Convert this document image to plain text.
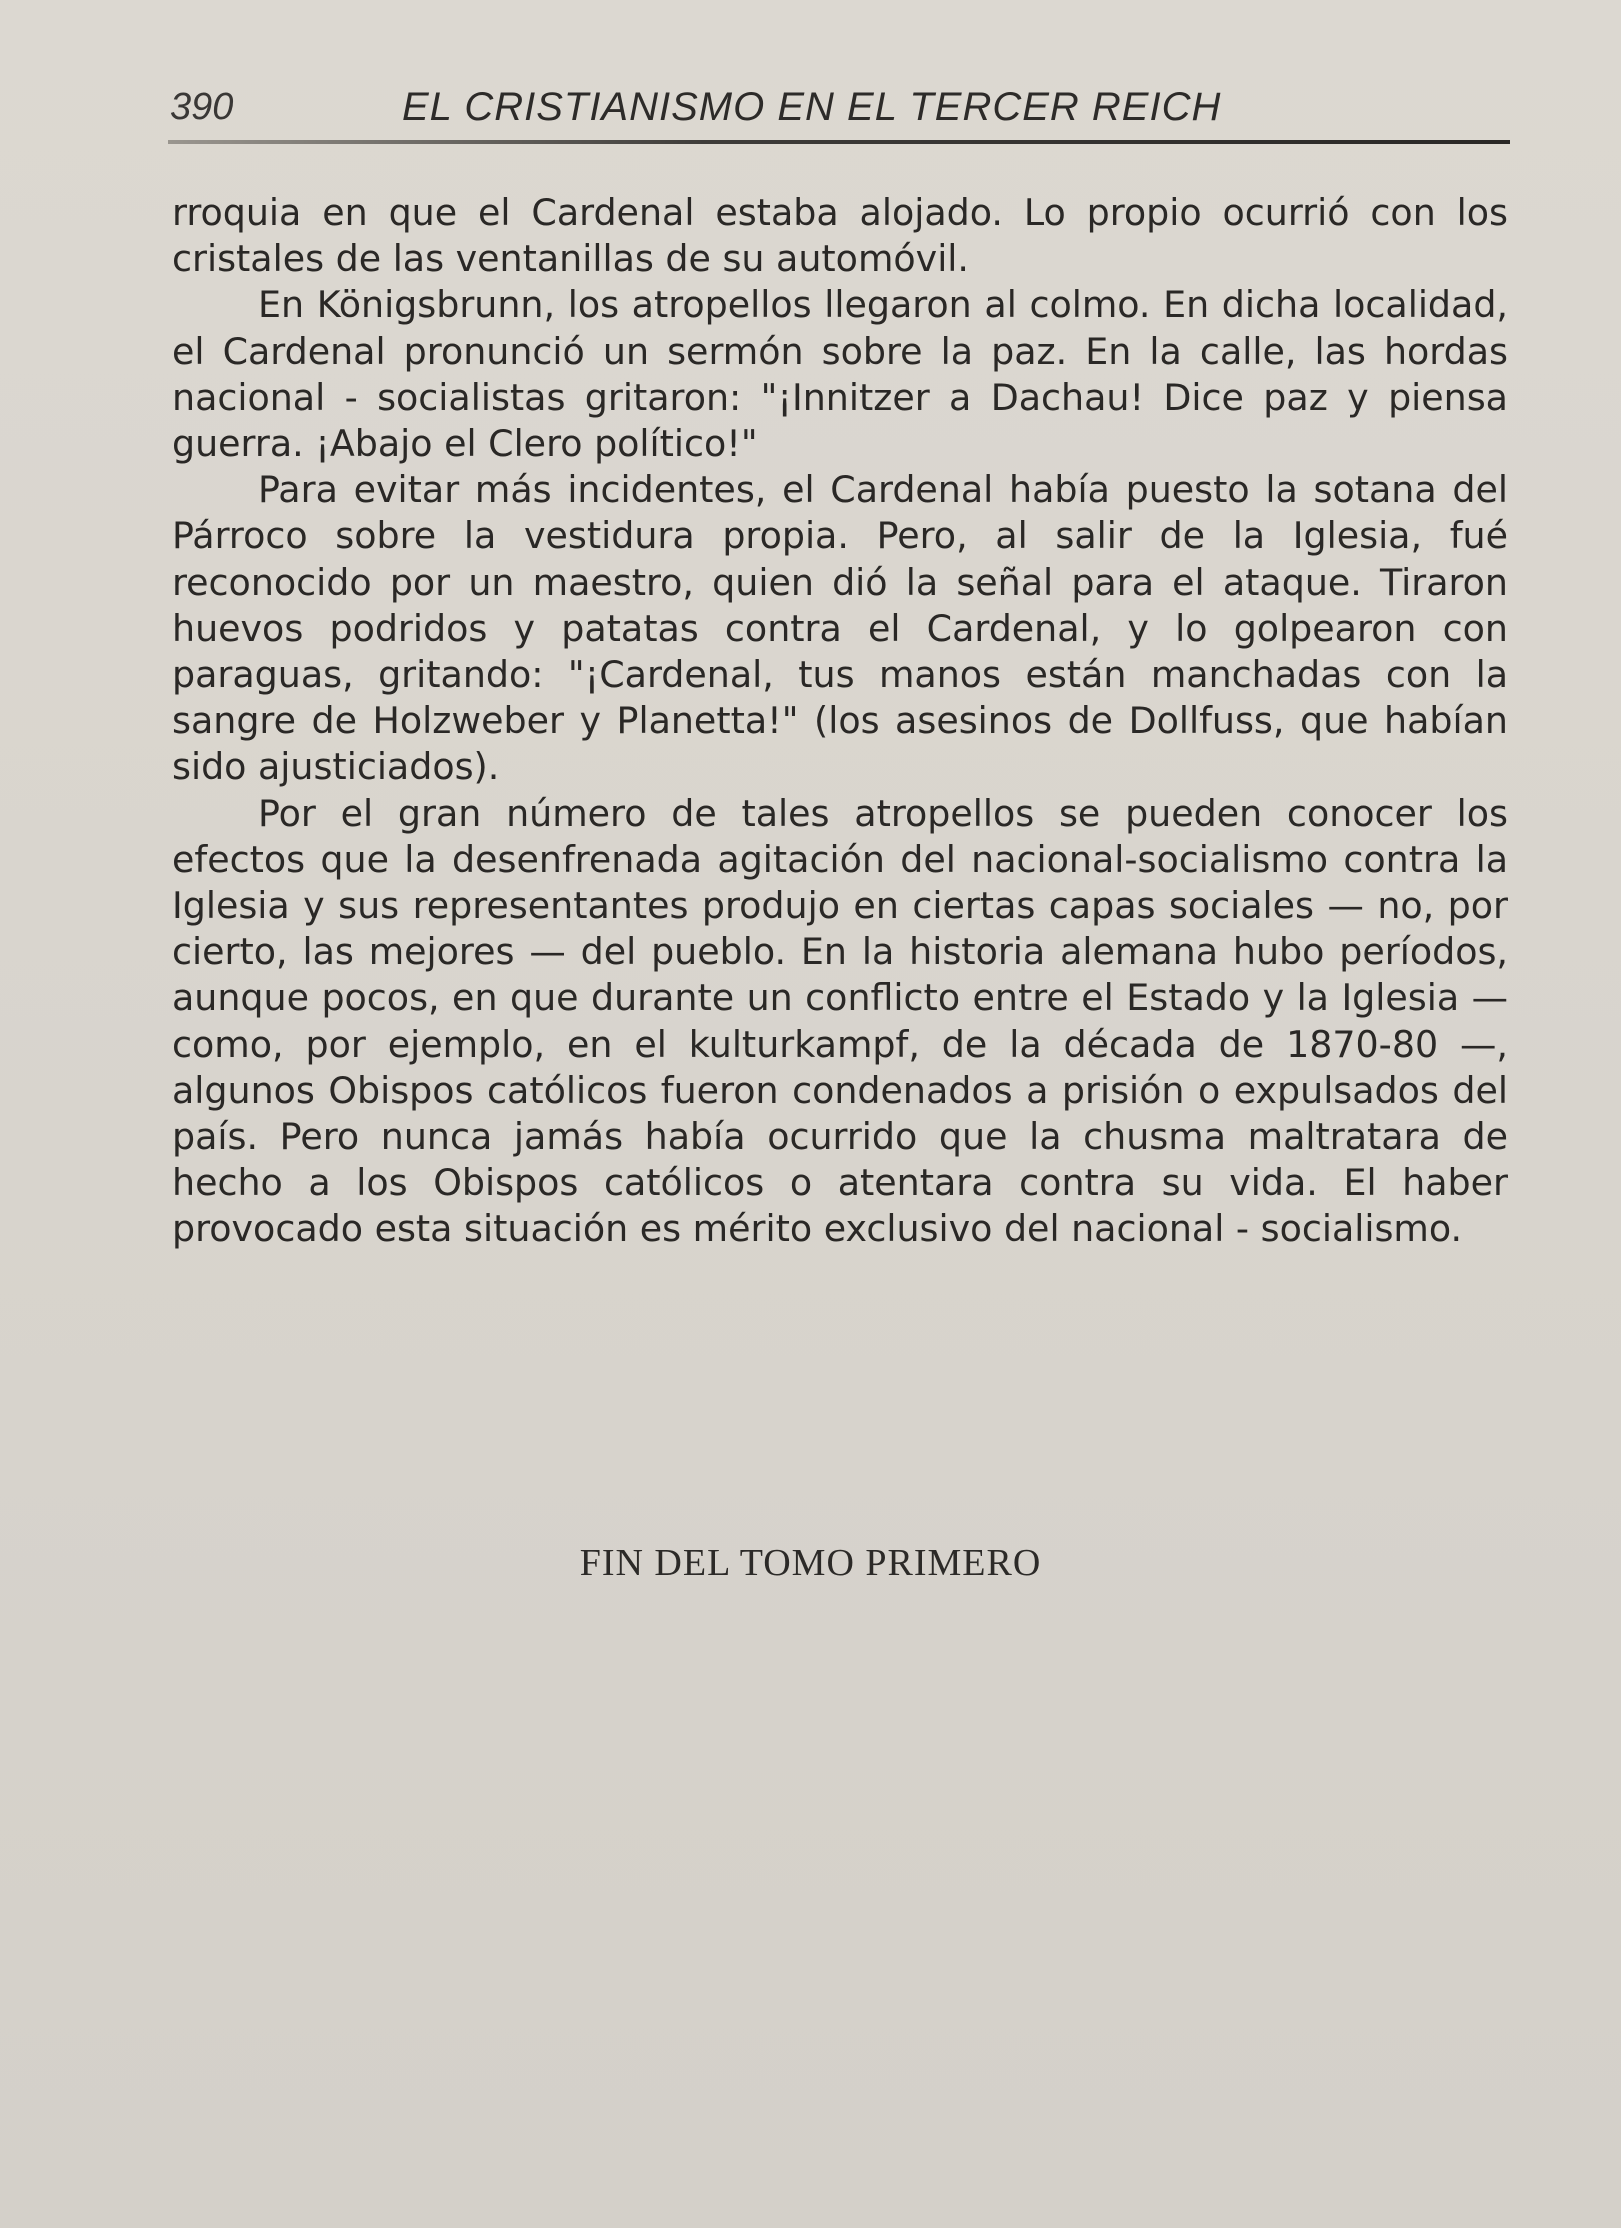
390	EL CRISTIANISMO EN EL TERCER REICH

rroquia en que el Cardenal estaba alojado. Lo propio ocurrió con los cristales de las ventanillas de su automóvil.

En Königsbrunn, los atropellos llegaron al colmo. En dicha localidad, el Cardenal pronunció un sermón sobre la paz. En la calle, las hordas nacional - socialistas gritaron: "¡Innitzer a Dachau! Dice paz y piensa guerra. ¡Abajo el Clero político!"

Para evitar más incidentes, el Cardenal había puesto la sotana del Párroco sobre la vestidura propia. Pero, al salir de la Iglesia, fué reconocido por un maestro, quien dió la señal para el ataque. Tiraron huevos podridos y patatas contra el Cardenal, y lo golpearon con paraguas, gritando: "¡Cardenal, tus manos están manchadas con la sangre de Holzweber y Planetta!" (los asesinos de Dollfuss, que habían sido ajusticiados).

Por el gran número de tales atropellos se pueden conocer los efectos que la desenfrenada agitación del nacional-socialismo contra la Iglesia y sus representantes produjo en ciertas capas sociales — no, por cierto, las mejores — del pueblo. En la historia alemana hubo períodos, aunque pocos, en que durante un conflicto entre el Estado y la Iglesia — como, por ejemplo, en el kulturkampf, de la década de 1870-80 —, algunos Obispos católicos fueron condenados a prisión o expulsados del país. Pero nunca jamás había ocurrido que la chusma maltratara de hecho a los Obispos católicos o atentara contra su vida. El haber provocado esta situación es mérito exclusivo del nacional - socialismo.

FIN DEL TOMO PRIMERO
